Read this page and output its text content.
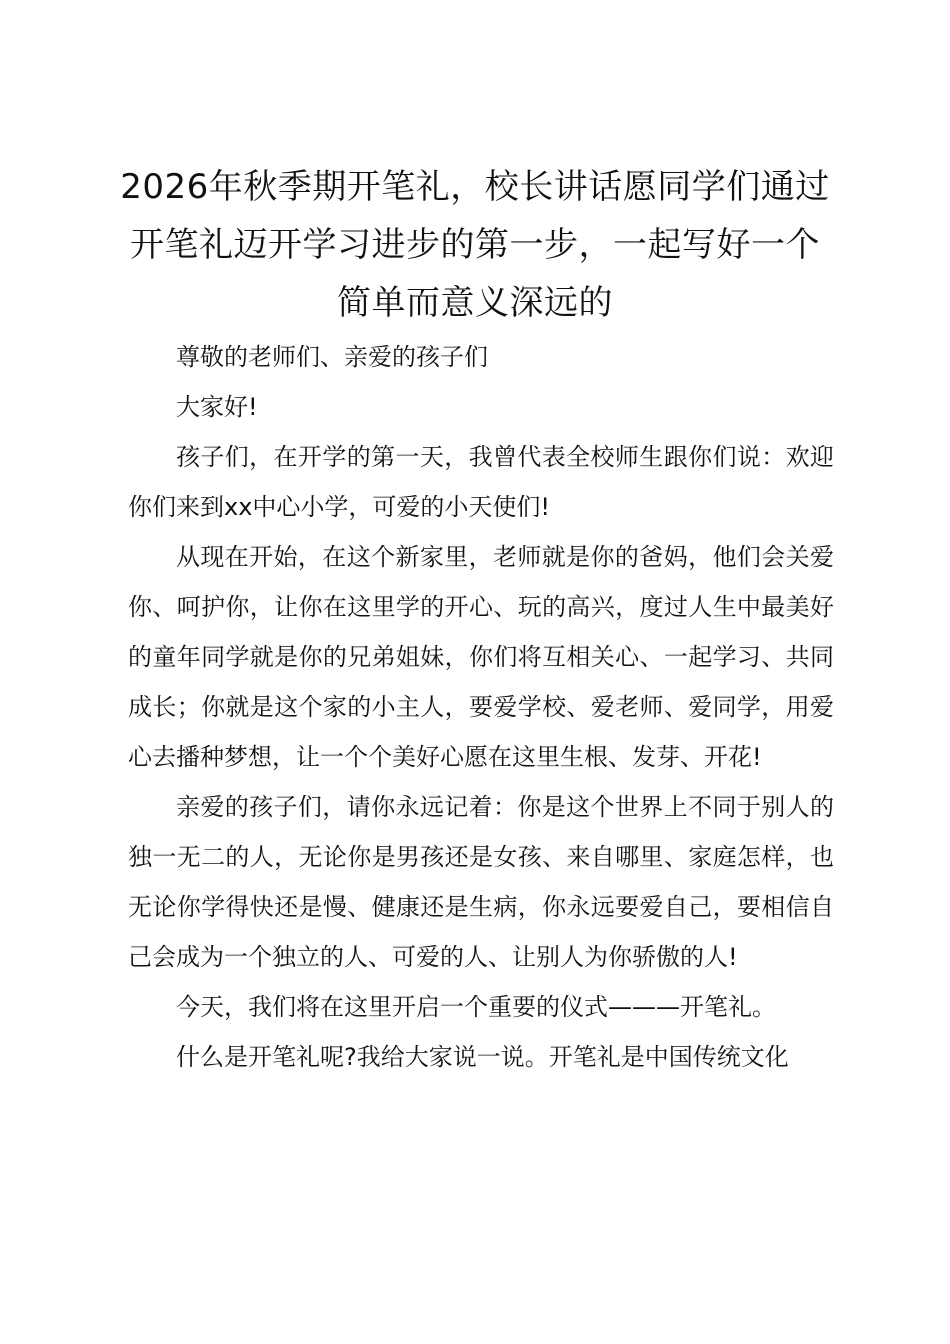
2026年秋季期开笔礼，校长讲话愿同学们通过开笔礼迈开学习进步的第一步，一起写好一个简单而意义深远的

尊敬的老师们、亲爱的孩子们

大家好!

孩子们，在开学的第一天，我曾代表全校师生跟你们说：欢迎你们来到xx中心小学，可爱的小天使们!

从现在开始，在这个新家里，老师就是你的爸妈，他们会关爱你、呵护你，让你在这里学的开心、玩的高兴，度过人生中最美好的童年同学就是你的兄弟姐妹，你们将互相关心、一起学习、共同成长；你就是这个家的小主人，要爱学校、爱老师、爱同学，用爱心去播种梦想，让一个个美好心愿在这里生根、发芽、开花!

亲爱的孩子们，请你永远记着：你是这个世界上不同于别人的独一无二的人，无论你是男孩还是女孩、来自哪里、家庭怎样，也无论你学得快还是慢、健康还是生病，你永远要爱自己，要相信自己会成为一个独立的人、可爱的人、让别人为你骄傲的人!

今天，我们将在这里开启一个重要的仪式———开笔礼。

什么是开笔礼呢?我给大家说一说。开笔礼是中国传统文化
